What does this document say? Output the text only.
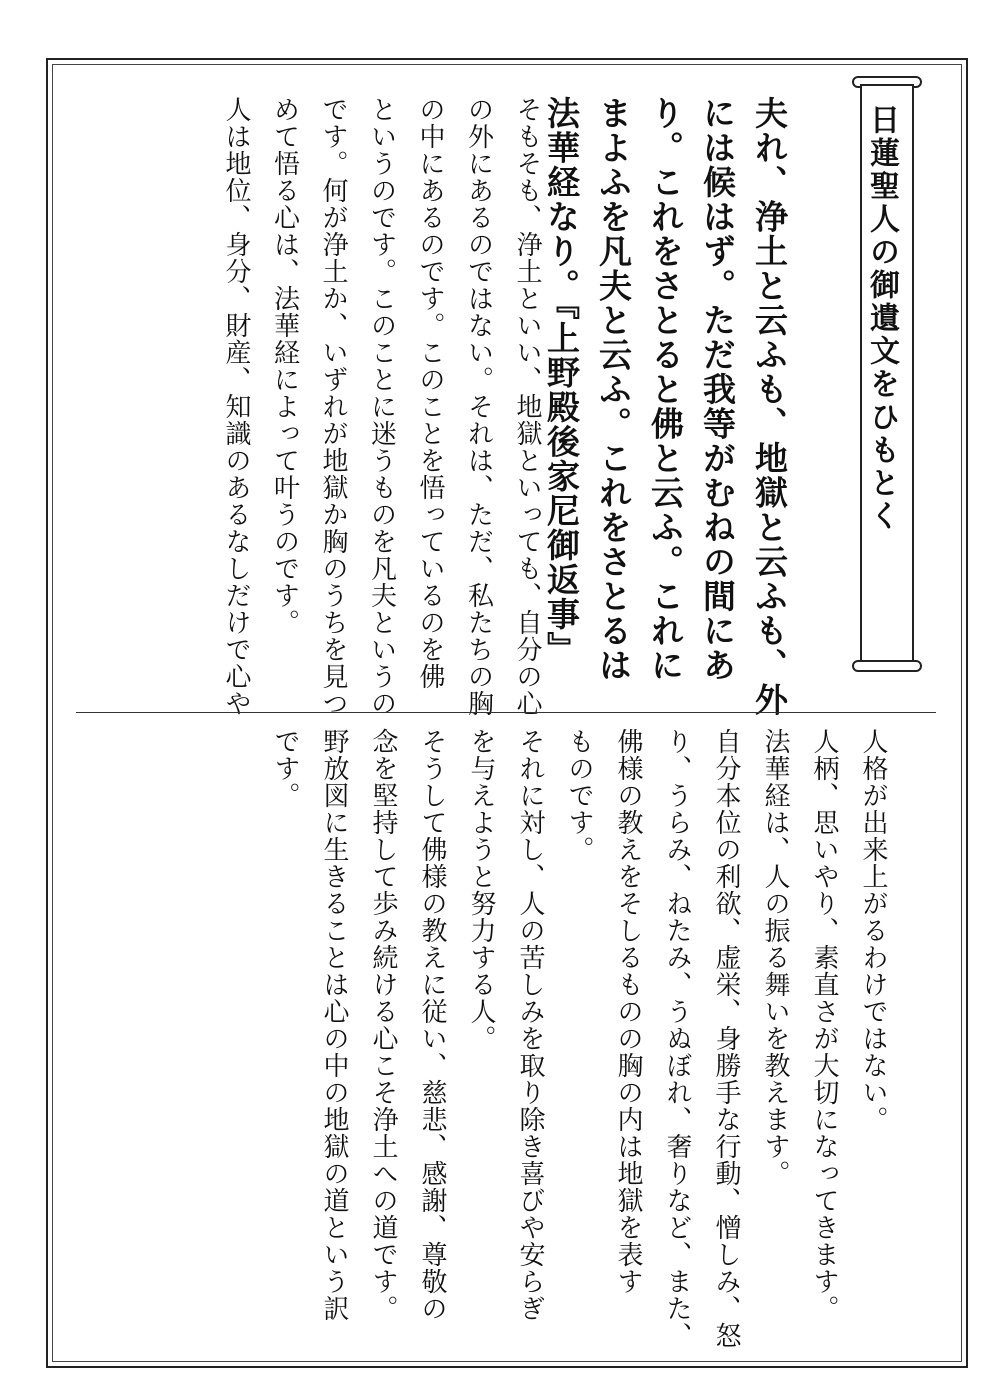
日蓮聖人の御遺文をひもとく
夫れ、浄土と云ふも、地獄と云ふも、外
には候はず。ただ我等がむねの間にあ
り。これをさとると佛と云ふ。これに
まよふを凡夫と云ふ。これをさとるは
法華経なり。『上野殿後家尼御返事』
そもそも、浄土といい、地獄といっても、自分の心
の外にあるのではない。それは、ただ、私たちの胸
の中にあるのです。このことを悟っているのを佛
というのです。このことに迷うものを凡夫というの
です。何が浄土か、いずれが地獄か胸のうちを見つ
めて悟る心は、法華経によって叶うのです。
人は地位、身分、財産、知識のあるなしだけで心や
人格が出来上がるわけではない。
人柄、思いやり、素直さが大切になってきます。
法華経は、人の振る舞いを教えます。
自分本位の利欲、虚栄、身勝手な行動、憎しみ、怒
り、うらみ、ねたみ、うぬぼれ、奢りなど、また、
佛様の教えをそしるものの胸の内は地獄を表す
ものです。
それに対し、人の苦しみを取り除き喜びや安らぎ
を与えようと努力する人。
そうして佛様の教えに従い、慈悲、感謝、尊敬の
念を堅持して歩み続ける心こそ浄土への道です。
野放図に生きることは心の中の地獄の道という訳
です。
